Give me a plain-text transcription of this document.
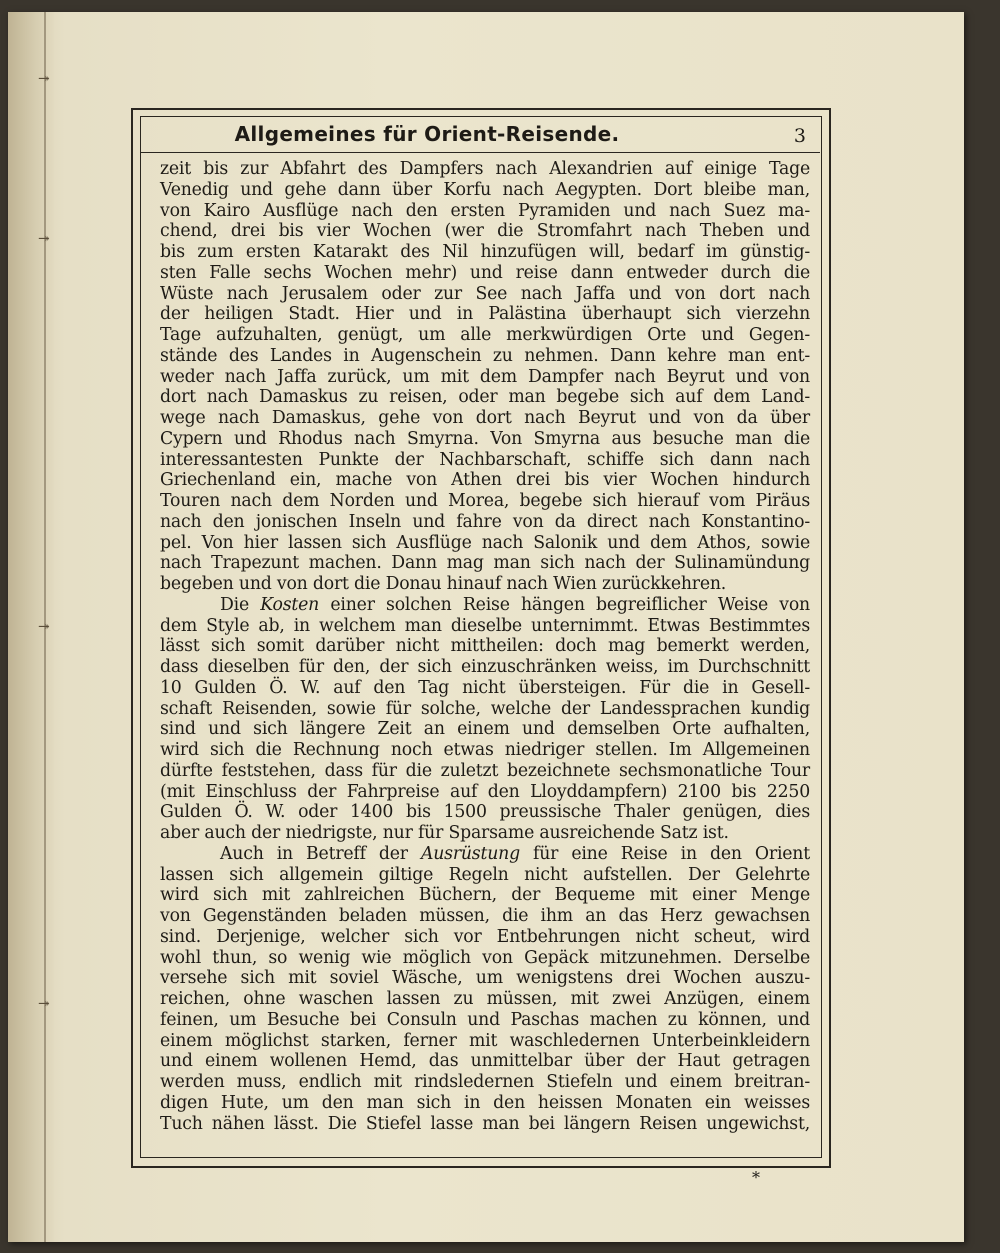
↠
↠
↠
↠
Allgemeines für Orient-Reisende.	3
zeit bis zur Abfahrt des Dampfers nach Alexandrien auf einige Tage
Venedig und gehe dann über Korfu nach Aegypten. Dort bleibe man,
von Kairo Ausflüge nach den ersten Pyramiden und nach Suez ma-
chend, drei bis vier Wochen (wer die Stromfahrt nach Theben und
bis zum ersten Katarakt des Nil hinzufügen will, bedarf im günstig-
sten Falle sechs Wochen mehr) und reise dann entweder durch die
Wüste nach Jerusalem oder zur See nach Jaffa und von dort nach
der heiligen Stadt. Hier und in Palästina überhaupt sich vierzehn
Tage aufzuhalten, genügt, um alle merkwürdigen Orte und Gegen-
stände des Landes in Augenschein zu nehmen. Dann kehre man ent-
weder nach Jaffa zurück, um mit dem Dampfer nach Beyrut und von
dort nach Damaskus zu reisen, oder man begebe sich auf dem Land-
wege nach Damaskus, gehe von dort nach Beyrut und von da über
Cypern und Rhodus nach Smyrna. Von Smyrna aus besuche man die
interessantesten Punkte der Nachbarschaft, schiffe sich dann nach
Griechenland ein, mache von Athen drei bis vier Wochen hindurch
Touren nach dem Norden und Morea, begebe sich hierauf vom Piräus
nach den jonischen Inseln und fahre von da direct nach Konstantino-
pel. Von hier lassen sich Ausflüge nach Salonik und dem Athos, sowie
nach Trapezunt machen. Dann mag man sich nach der Sulinamündung
begeben und von dort die Donau hinauf nach Wien zurückkehren.
Die Kosten einer solchen Reise hängen begreiflicher Weise von
dem Style ab, in welchem man dieselbe unternimmt. Etwas Bestimmtes
lässt sich somit darüber nicht mittheilen: doch mag bemerkt werden,
dass dieselben für den, der sich einzuschränken weiss, im Durchschnitt
10 Gulden Ö. W. auf den Tag nicht übersteigen. Für die in Gesell-
schaft Reisenden, sowie für solche, welche der Landessprachen kundig
sind und sich längere Zeit an einem und demselben Orte aufhalten,
wird sich die Rechnung noch etwas niedriger stellen. Im Allgemeinen
dürfte feststehen, dass für die zuletzt bezeichnete sechsmonatliche Tour
(mit Einschluss der Fahrpreise auf den Lloyddampfern) 2100 bis 2250
Gulden Ö. W. oder 1400 bis 1500 preussische Thaler genügen, dies
aber auch der niedrigste, nur für Sparsame ausreichende Satz ist.
Auch in Betreff der Ausrüstung für eine Reise in den Orient
lassen sich allgemein giltige Regeln nicht aufstellen. Der Gelehrte
wird sich mit zahlreichen Büchern, der Bequeme mit einer Menge
von Gegenständen beladen müssen, die ihm an das Herz gewachsen
sind. Derjenige, welcher sich vor Entbehrungen nicht scheut, wird
wohl thun, so wenig wie möglich von Gepäck mitzunehmen. Derselbe
versehe sich mit soviel Wäsche, um wenigstens drei Wochen auszu-
reichen, ohne waschen lassen zu müssen, mit zwei Anzügen, einem
feinen, um Besuche bei Consuln und Paschas machen zu können, und
einem möglichst starken, ferner mit waschledernen Unterbeinkleidern
und einem wollenen Hemd, das unmittelbar über der Haut getragen
werden muss, endlich mit rindsledernen Stiefeln und einem breitran-
digen Hute, um den man sich in den heissen Monaten ein weisses
Tuch nähen lässt. Die Stiefel lasse man bei längern Reisen ungewichst,
*
